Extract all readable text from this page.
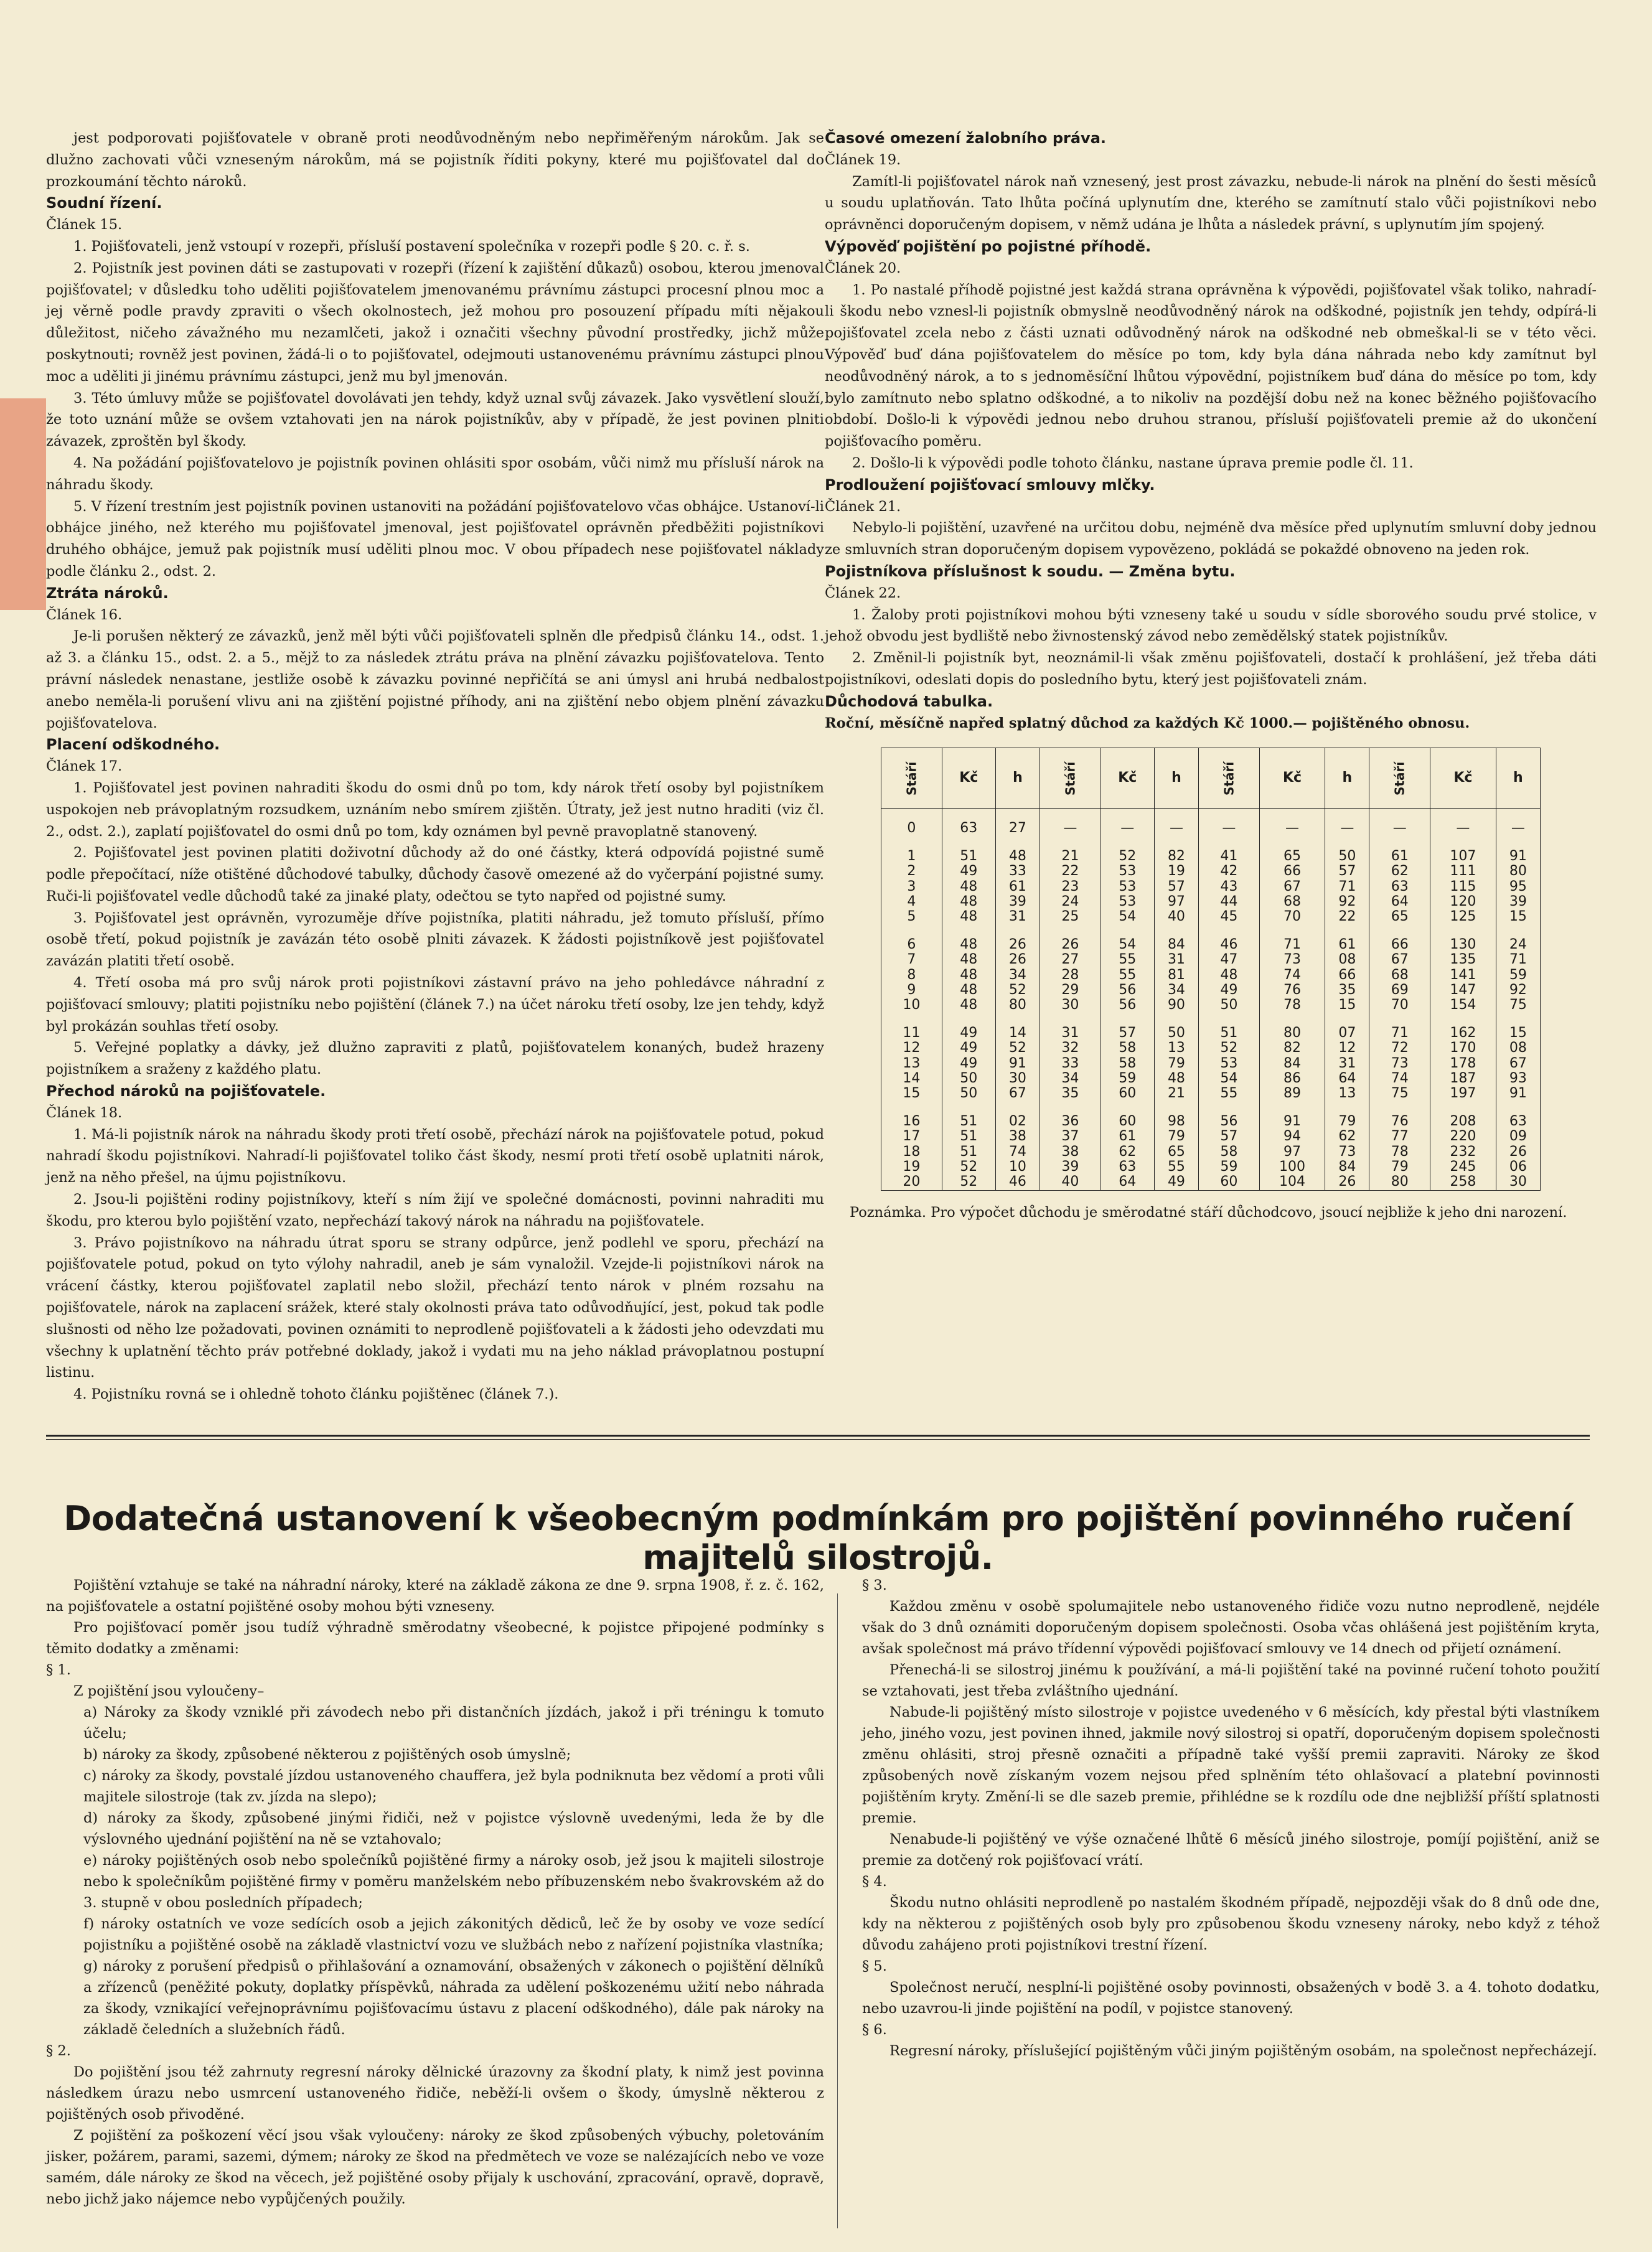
jest podporovati pojišťovatele v obraně proti neodůvodněným nebo nepřiměřeným nárokům. Jak se dlužno zachovati vůči vzneseným nárokům, má se pojistník říditi pokyny, které mu pojišťovatel dal do prozkoumání těchto nároků.

Soudní řízení.

Článek 15.

1. Pojišťovateli, jenž vstoupí v rozepři, přísluší postavení společníka v rozepři podle § 20. c. ř. s.

2. Pojistník jest povinen dáti se zastupovati v rozepři (řízení k zajištění důkazů) osobou, kterou jmenoval pojišťovatel; v důsledku toho uděliti pojišťovatelem jmenovanému právnímu zástupci procesní plnou moc a jej věrně podle pravdy zpraviti o všech okolnostech, jež mohou pro posouzení případu míti nějakou důležitost, ničeho závažného mu nezamlčeti, jakož i označiti všechny původní prostředky, jichž může poskytnouti; rovněž jest povinen, žádá-li o to pojišťovatel, odejmouti ustanovenému právnímu zástupci plnou moc a uděliti ji jinému právnímu zástupci, jenž mu byl jmenován.

3. Této úmluvy může se pojišťovatel dovolávati jen tehdy, když uznal svůj závazek. Jako vysvětlení slouží, že toto uznání může se ovšem vztahovati jen na nárok pojistníkův, aby v případě, že jest povinen plniti závazek, zproštěn byl škody.

4. Na požádání pojišťovatelovo je pojistník povinen ohlásiti spor osobám, vůči nimž mu přísluší nárok na náhradu škody.

5. V řízení trestním jest pojistník povinen ustanoviti na požádání pojišťovatelovo včas obhájce. Ustanoví-li obhájce jiného, než kterého mu pojišťovatel jmenoval, jest pojišťovatel oprávněn předběžiti pojistníkovi druhého obhájce, jemuž pak pojistník musí uděliti plnou moc. V obou případech nese pojišťovatel náklady podle článku 2., odst. 2.

Ztráta nároků.

Článek 16.

Je-li porušen některý ze závazků, jenž měl býti vůči pojišťovateli splněn dle předpisů článku 14., odst. 1. až 3. a článku 15., odst. 2. a 5., mějž to za následek ztrátu práva na plnění závazku pojišťovatelova. Tento právní následek nenastane, jestliže osobě k závazku povinné nepřičítá se ani úmysl ani hrubá nedbalost anebo neměla-li porušení vlivu ani na zjištění pojistné příhody, ani na zjištění nebo objem plnění závazku pojišťovatelova.

Placení odškodného.

Článek 17.

1. Pojišťovatel jest povinen nahraditi škodu do osmi dnů po tom, kdy nárok třetí osoby byl pojistníkem uspokojen neb právoplatným rozsudkem, uznáním nebo smírem zjištěn. Útraty, jež jest nutno hraditi (viz čl. 2., odst. 2.), zaplatí pojišťovatel do osmi dnů po tom, kdy oznámen byl pevně pravoplatně stanovený.

2. Pojišťovatel jest povinen platiti doživotní důchody až do oné částky, která odpovídá pojistné sumě podle přepočítací, níže otištěné důchodové tabulky, důchody časově omezené až do vyčerpání pojistné sumy. Ruči-li pojišťovatel vedle důchodů také za jinaké platy, odečtou se tyto napřed od pojistné sumy.

3. Pojišťovatel jest oprávněn, vyrozuměje dříve pojistníka, platiti náhradu, jež tomuto přísluší, přímo osobě třetí, pokud pojistník je zavázán této osobě plniti závazek. K žádosti pojistníkově jest pojišťovatel zavázán platiti třetí osobě.

4. Třetí osoba má pro svůj nárok proti pojistníkovi zástavní právo na jeho pohledávce náhradní z pojišťovací smlouvy; platiti pojistníku nebo pojištění (článek 7.) na účet nároku třetí osoby, lze jen tehdy, když byl prokázán souhlas třetí osoby.

5. Veřejné poplatky a dávky, jež dlužno zapraviti z platů, pojišťovatelem konaných, budež hrazeny pojistníkem a sraženy z každého platu.

Přechod nároků na pojišťovatele.

Článek 18.

1. Má-li pojistník nárok na náhradu škody proti třetí osobě, přechází nárok na pojišťovatele potud, pokud nahradí škodu pojistníkovi. Nahradí-li pojišťovatel toliko část škody, nesmí proti třetí osobě uplatniti nárok, jenž na něho přešel, na újmu pojistníkovu.

2. Jsou-li pojištěni rodiny pojistníkovy, kteří s ním žijí ve společné domácnosti, povinni nahraditi mu škodu, pro kterou bylo pojištění vzato, nepřechází takový nárok na náhradu na pojišťovatele.

3. Právo pojistníkovo na náhradu útrat sporu se strany odpůrce, jenž podlehl ve sporu, přechází na pojišťovatele potud, pokud on tyto výlohy nahradil, aneb je sám vynaložil. Vzejde-li pojistníkovi nárok na vrácení částky, kterou pojišťovatel zaplatil nebo složil, přechází tento nárok v plném rozsahu na pojišťovatele, nárok na zaplacení srážek, které staly okolnosti práva tato odůvodňující, jest, pokud tak podle slušnosti od něho lze požadovati, povinen oznámiti to neprodleně pojišťovateli a k žádosti jeho odevzdati mu všechny k uplatnění těchto práv potřebné doklady, jakož i vydati mu na jeho náklad právoplatnou postupní listinu.

4. Pojistníku rovná se i ohledně tohoto článku pojištěnec (článek 7.).

Časové omezení žalobního práva.

Článek 19.

Zamítl-li pojišťovatel nárok naň vznesený, jest prost závazku, nebude-li nárok na plnění do šesti měsíců u soudu uplatňován. Tato lhůta počíná uplynutím dne, kterého se zamítnutí stalo vůči pojistníkovi nebo oprávněnci doporučeným dopisem, v němž udána je lhůta a následek právní, s uplynutím jím spojený.

Výpověď pojištění po pojistné příhodě.

Článek 20.

1. Po nastalé příhodě pojistné jest každá strana oprávněna k výpovědi, pojišťovatel však toliko, nahradí-li škodu nebo vznesl-li pojistník obmyslně neodůvodněný nárok na odškodné, pojistník jen tehdy, odpírá-li pojišťovatel zcela nebo z části uznati odůvodněný nárok na odškodné neb obmeškal-li se v této věci. Výpověď buď dána pojišťovatelem do měsíce po tom, kdy byla dána náhrada nebo kdy zamítnut byl neodůvodněný nárok, a to s jednoměsíční lhůtou výpovědní, pojistníkem buď dána do měsíce po tom, kdy bylo zamítnuto nebo splatno odškodné, a to nikoliv na pozdější dobu než na konec běžného pojišťovacího období. Došlo-li k výpovědi jednou nebo druhou stranou, přísluší pojišťovateli premie až do ukončení pojišťovacího poměru.

2. Došlo-li k výpovědi podle tohoto článku, nastane úprava premie podle čl. 11.

Prodloužení pojišťovací smlouvy mlčky.

Článek 21.

Nebylo-li pojištění, uzavřené na určitou dobu, nejméně dva měsíce před uplynutím smluvní doby jednou ze smluvních stran doporučeným dopisem vypovězeno, pokládá se pokaždé obnoveno na jeden rok.

Pojistníkova příslušnost k soudu. — Změna bytu.

Článek 22.

1. Žaloby proti pojistníkovi mohou býti vzneseny také u soudu v sídle sborového soudu prvé stolice, v jehož obvodu jest bydliště nebo živnostenský závod nebo zemědělský statek pojistníkův.

2. Změnil-li pojistník byt, neoznámil-li však změnu pojišťovateli, dostačí k prohlášení, jež třeba dáti pojistníkovi, odeslati dopis do posledního bytu, který jest pojišťovateli znám.

Důchodová tabulka.

Roční, měsíčně napřed splatný důchod za každých Kč 1000.— pojištěného obnosu.

Stáří	Kč	h	Stáří	Kč	h	Stáří	Kč	h	Stáří	Kč	h

0	63	27	—	—	—	—	—	—	—	—	—

1	51	48	21	52	82	41	65	50	61	107	91
2	49	33	22	53	19	42	66	57	62	111	80
3	48	61	23	53	57	43	67	71	63	115	95
4	48	39	24	53	97	44	68	92	64	120	39
5	48	31	25	54	40	45	70	22	65	125	15

6	48	26	26	54	84	46	71	61	66	130	24
7	48	26	27	55	31	47	73	08	67	135	71
8	48	34	28	55	81	48	74	66	68	141	59
9	48	52	29	56	34	49	76	35	69	147	92
10	48	80	30	56	90	50	78	15	70	154	75

11	49	14	31	57	50	51	80	07	71	162	15
12	49	52	32	58	13	52	82	12	72	170	08
13	49	91	33	58	79	53	84	31	73	178	67
14	50	30	34	59	48	54	86	64	74	187	93
15	50	67	35	60	21	55	89	13	75	197	91

16	51	02	36	60	98	56	91	79	76	208	63
17	51	38	37	61	79	57	94	62	77	220	09
18	51	74	38	62	65	58	97	73	78	232	26
19	52	10	39	63	55	59	100	84	79	245	06
20	52	46	40	64	49	60	104	26	80	258	30

Poznámka. Pro výpočet důchodu je směrodatné stáří důchodcovo, jsoucí nejbliže k jeho dni narození.

Dodatečná ustanovení k všeobecným podmínkám pro pojištění povinného ručení majitelů silostrojů.

Pojištění vztahuje se také na náhradní nároky, které na základě zákona ze dne 9. srpna 1908, ř. z. č. 162, na pojišťovatele a ostatní pojištěné osoby mohou býti vzneseny.

Pro pojišťovací poměr jsou tudíž výhradně směrodatny všeobecné, k pojistce připojené podmínky s těmito dodatky a změnami:

§ 1.

Z pojištění jsou vyloučeny–

a) Nároky za škody vzniklé při závodech nebo při distančních jízdách, jakož i při tréningu k tomuto účelu;

b) nároky za škody, způsobené některou z pojištěných osob úmyslně;

c) nároky za škody, povstalé jízdou ustanoveného chauffera, jež byla podniknuta bez vědomí a proti vůli majitele silostroje (tak zv. jízda na slepo);

d) nároky za škody, způsobené jinými řidiči, než v pojistce výslovně uvedenými, leda že by dle výslovného ujednání pojištění na ně se vztahovalo;

e) nároky pojištěných osob nebo společníků pojištěné firmy a nároky osob, jež jsou k majiteli silostroje nebo k společníkům pojištěné firmy v poměru manželském nebo příbuzenském nebo švakrovském až do 3. stupně v obou posledních případech;

f) nároky ostatních ve voze sedících osob a jejich zákonitých dědiců, leč že by osoby ve voze sedící pojistníku a pojištěné osobě na základě vlastnictví vozu ve službách nebo z nařízení pojistníka vlastníka;

g) nároky z porušení předpisů o přihlašování a oznamování, obsažených v zákonech o pojištění dělníků a zřízenců (peněžité pokuty, doplatky příspěvků, náhrada za udělení poškozenému užití nebo náhrada za škody, vznikající veřejnoprávnímu pojišťovacímu ústavu z placení odškodného), dále pak nároky na základě čeledních a služebních řádů.

§ 2.

Do pojištění jsou též zahrnuty regresní nároky dělnické úrazovny za škodní platy, k nimž jest povinna následkem úrazu nebo usmrcení ustanoveného řidiče, neběží-li ovšem o škody, úmyslně některou z pojištěných osob přivoděné.

Z pojištění za poškození věcí jsou však vyloučeny: nároky ze škod způsobených výbuchy, poletováním jisker, požárem, parami, sazemi, dýmem; nároky ze škod na předmětech ve voze se nalézajících nebo ve voze samém, dále nároky ze škod na věcech, jež pojištěné osoby přijaly k uschování, zpracování, opravě, dopravě, nebo jichž jako nájemce nebo vypůjčených použily.

§ 3.

Každou změnu v osobě spolumajitele nebo ustanoveného řidiče vozu nutno neprodleně, nejdéle však do 3 dnů oznámiti doporučeným dopisem společnosti. Osoba včas ohlášená jest pojištěním kryta, avšak společnost má právo třídenní výpovědi pojišťovací smlouvy ve 14 dnech od přijetí oznámení.

Přenechá-li se silostroj jinému k používání, a má-li pojištění také na povinné ručení tohoto použití se vztahovati, jest třeba zvláštního ujednání.

Nabude-li pojištěný místo silostroje v pojistce uvedeného v 6 měsících, kdy přestal býti vlastníkem jeho, jiného vozu, jest povinen ihned, jakmile nový silostroj si opatří, doporučeným dopisem společnosti změnu ohlásiti, stroj přesně označiti a případně také vyšší premii zapraviti. Nároky ze škod způsobených nově získaným vozem nejsou před splněním této ohlašovací a platební povinnosti pojištěním kryty. Změní-li se dle sazeb premie, přihlédne se k rozdílu ode dne nejbližší příští splatnosti premie.

Nenabude-li pojištěný ve výše označené lhůtě 6 měsíců jiného silostroje, pomíjí pojištění, aniž se premie za dotčený rok pojišťovací vrátí.

§ 4.

Škodu nutno ohlásiti neprodleně po nastalém škodném případě, nejpozději však do 8 dnů ode dne, kdy na některou z pojištěných osob byly pro způsobenou škodu vzneseny nároky, nebo když z téhož důvodu zahájeno proti pojistníkovi trestní řízení.

§ 5.

Společnost neručí, nesplní-li pojištěné osoby povinnosti, obsažených v bodě 3. a 4. tohoto dodatku, nebo uzavrou-li jinde pojištění na podíl, v pojistce stanovený.

§ 6.

Regresní nároky, příslušející pojištěným vůči jiným pojištěným osobám, na společnost nepřecházejí.
